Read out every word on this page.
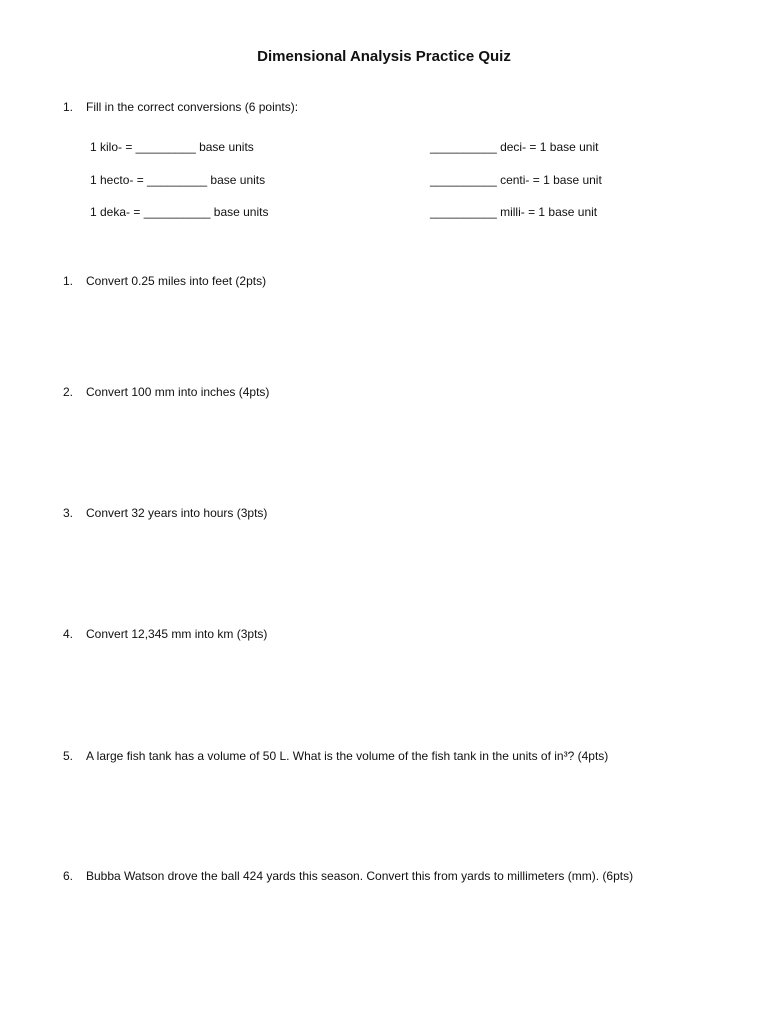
Dimensional Analysis Practice Quiz
1. Fill in the correct conversions (6 points):
1 kilo- = _________ base units
1 hecto- = _________ base units
1 deka- = __________ base units
__________ deci- = 1 base unit
__________ centi- = 1 base unit
__________ milli- = 1 base unit
1. Convert 0.25 miles into feet (2pts)
2. Convert 100 mm into inches (4pts)
3. Convert 32 years into hours (3pts)
4. Convert 12,345 mm into km (3pts)
5. A large fish tank has a volume of 50 L. What is the volume of the fish tank in the units of in³? (4pts)
6. Bubba Watson drove the ball 424 yards this season. Convert this from yards to millimeters (mm). (6pts)
